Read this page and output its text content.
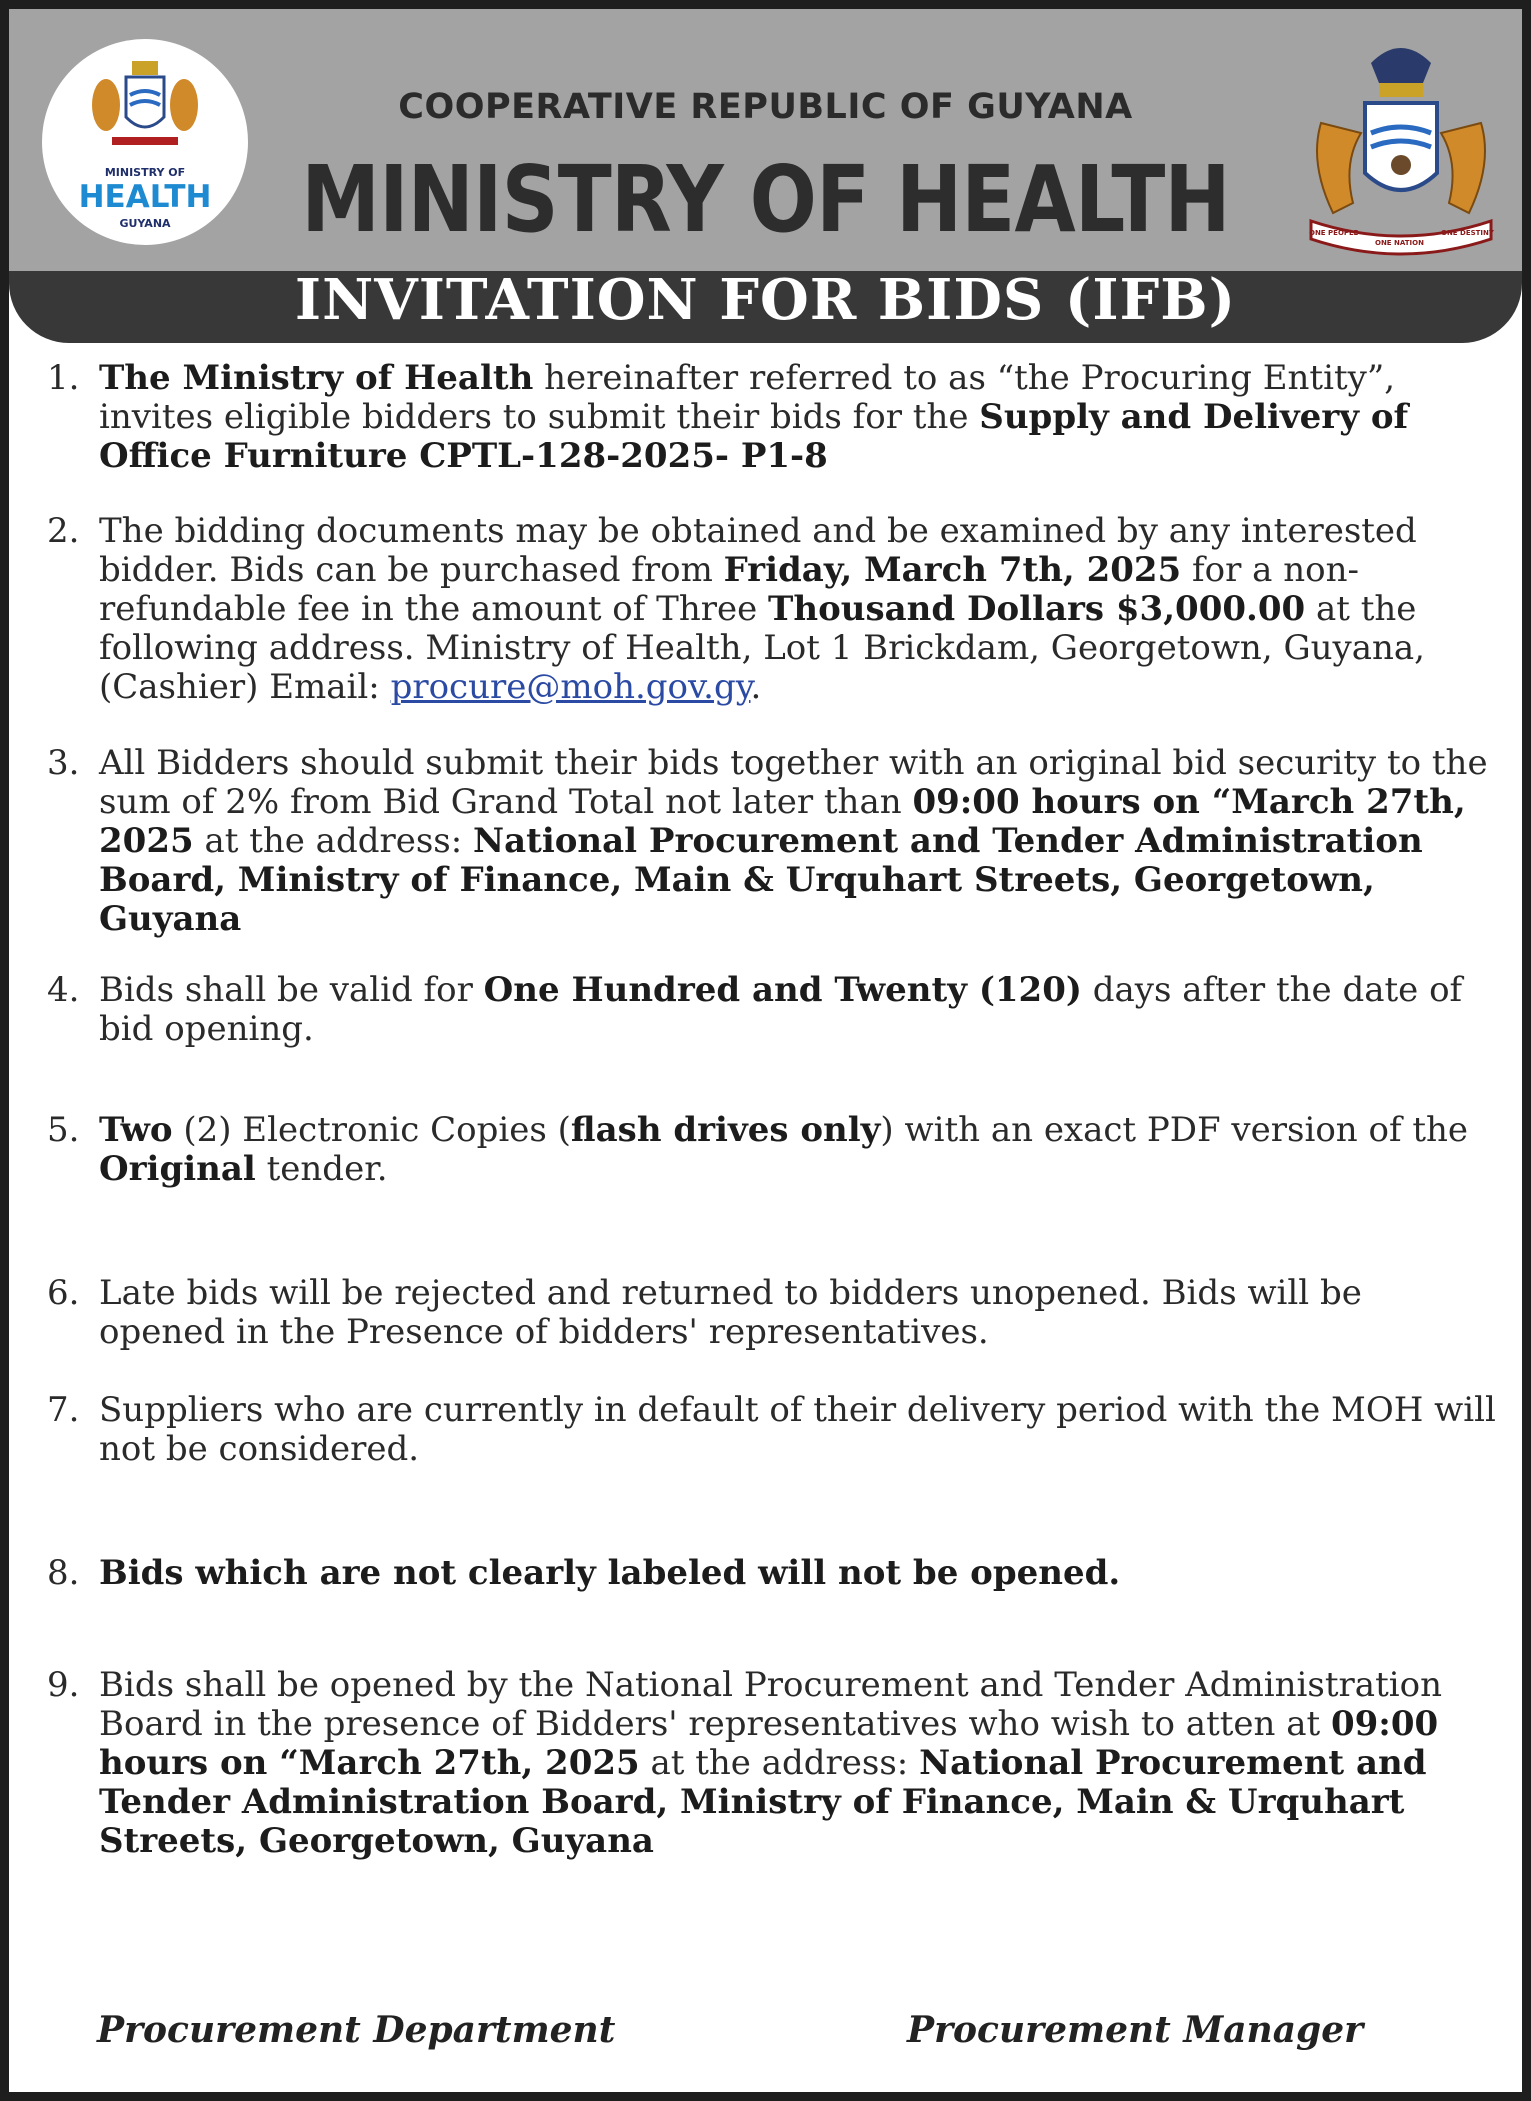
MINISTRY OF
HEALTH
GUYANA
COOPERATIVE REPUBLIC OF GUYANA
MINISTRY OF HEALTH	ONE PEOPLE
ONE NATION
ONE DESTINY
INVITATION FOR BIDS (IFB)
1. The Ministry of Health hereinafter referred to as “the Procuring Entity”, invites eligible bidders to submit their bids for the Supply and Delivery of Office Furniture CPTL-128-2025- P1-8
2. The bidding documents may be obtained and be examined by any interested bidder. Bids can be purchased from Friday, March 7th, 2025 for a non-refundable fee in the amount of Three Thousand Dollars $3,000.00 at the following address. Ministry of Health, Lot 1 Brickdam, Georgetown, Guyana, (Cashier) Email: procure@moh.gov.gy.
3. All Bidders should submit their bids together with an original bid security to the sum of 2% from Bid Grand Total not later than 09:00 hours on “March 27th, 2025 at the address: National Procurement and Tender Administration Board, Ministry of Finance, Main & Urquhart Streets, Georgetown, Guyana
4. Bids shall be valid for One Hundred and Twenty (120) days after the date of bid opening.
5. Two (2) Electronic Copies (flash drives only) with an exact PDF version of the Original tender.
6. Late bids will be rejected and returned to bidders unopened. Bids will be opened in the Presence of bidders' representatives.
7. Suppliers who are currently in default of their delivery period with the MOH will not be considered.
8. Bids which are not clearly labeled will not be opened.
9. Bids shall be opened by the National Procurement and Tender Administration Board in the presence of Bidders' representatives who wish to atten at 09:00 hours on “March 27th, 2025 at the address: National Procurement and Tender Administration Board, Ministry of Finance, Main & Urquhart Streets, Georgetown, Guyana
Procurement Department	Procurement Manager
